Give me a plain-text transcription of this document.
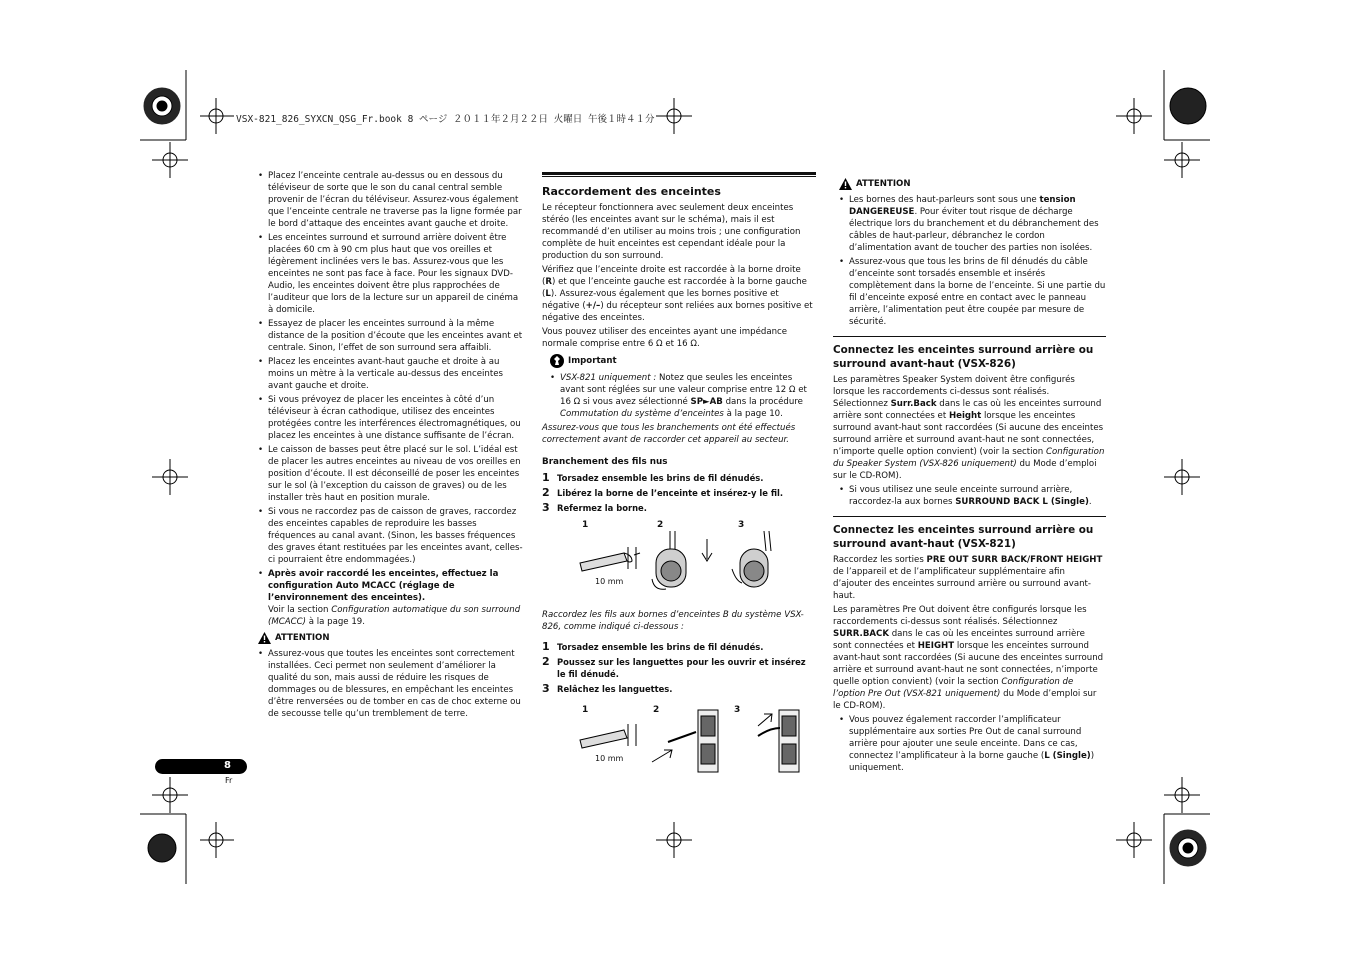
VSX-821_826_SYXCN_QSG_Fr.book 8 ページ ２０１１年２月２２日 火曜日 午後１時４１分
• Placez l’enceinte centrale au-dessus ou en dessous du téléviseur de sorte que le son du canal central semble provenir de l’écran du téléviseur. Assurez-vous également que l’enceinte centrale ne traverse pas la ligne formée par le bord d’attaque des enceintes avant gauche et droite.
• Les enceintes surround et surround arrière doivent être placées 60 cm à 90 cm plus haut que vos oreilles et légèrement inclinées vers le bas. Assurez-vous que les enceintes ne sont pas face à face. Pour les signaux DVD-Audio, les enceintes doivent être plus rapprochées de l’auditeur que lors de la lecture sur un appareil de cinéma à domicile.
• Essayez de placer les enceintes surround à la même distance de la position d’écoute que les enceintes avant et centrale. Sinon, l’effet de son surround sera affaibli.
• Placez les enceintes avant-haut gauche et droite à au moins un mètre à la verticale au-dessus des enceintes avant gauche et droite.
• Si vous prévoyez de placer les enceintes à côté d’un téléviseur à écran cathodique, utilisez des enceintes protégées contre les interférences électromagnétiques, ou placez les enceintes à une distance suffisante de l’écran.
• Le caisson de basses peut être placé sur le sol. L’idéal est de placer les autres enceintes au niveau de vos oreilles en position d’écoute. Il est déconseillé de poser les enceintes sur le sol (à l’exception du caisson de graves) ou de les installer très haut en position murale.
• Si vous ne raccordez pas de caisson de graves, raccordez des enceintes capables de reproduire les basses fréquences au canal avant. (Sinon, les basses fréquences des graves étant restituées par les enceintes avant, celles-ci pourraient être endommagées.)
• Après avoir raccordé les enceintes, effectuez la configuration Auto MCACC (réglage de l’environnement des enceintes).
Voir la section Configuration automatique du son surround (MCACC) à la page 19.
ATTENTION
• Assurez-vous que toutes les enceintes sont correctement installées. Ceci permet non seulement d’améliorer la qualité du son, mais aussi de réduire les risques de dommages ou de blessures, en empêchant les enceintes d’être renversées ou de tomber en cas de choc externe ou de secousse telle qu’un tremblement de terre.
Raccordement des enceintes

Le récepteur fonctionnera avec seulement deux enceintes stéréo (les enceintes avant sur le schéma), mais il est recommandé d’en utiliser au moins trois ; une configuration complète de huit enceintes est cependant idéale pour la production du son surround.

Vérifiez que l’enceinte droite est raccordée à la borne droite (R) et que l’enceinte gauche est raccordée à la borne gauche (L). Assurez-vous également que les bornes positive et négative (+/–) du récepteur sont reliées aux bornes positive et négative des enceintes.

Vous pouvez utiliser des enceintes ayant une impédance normale comprise entre 6 Ω et 16 Ω.

Important
• VSX-821 uniquement : Notez que seules les enceintes avant sont réglées sur une valeur comprise entre 12 Ω et 16 Ω si vous avez sélectionné SP►AB dans la procédure Commutation du système d’enceintes à la page 10.

Assurez-vous que tous les branchements ont été effectués correctement avant de raccorder cet appareil au secteur.

Branchement des fils nus
1 Torsadez ensemble les brins de fil dénudés.
2 Libérez la borne de l’enceinte et insérez-y le fil.
3 Refermez la borne.
1	2	3
10 mm

Raccordez les fils aux bornes d’enceintes B du système VSX-826, comme indiqué ci-dessous :

1 Torsadez ensemble les brins de fil dénudés.
2 Poussez sur les languettes pour les ouvrir et insérez le fil dénudé.
3 Relâchez les languettes.
1	2	3
10 mm
ATTENTION
• Les bornes des haut-parleurs sont sous une tension DANGEREUSE. Pour éviter tout risque de décharge électrique lors du branchement et du débranchement des câbles de haut-parleur, débranchez le cordon d’alimentation avant de toucher des parties non isolées.
• Assurez-vous que tous les brins de fil dénudés du câble d’enceinte sont torsadés ensemble et insérés complètement dans la borne de l’enceinte. Si une partie du fil d’enceinte exposé entre en contact avec le panneau arrière, l’alimentation peut être coupée par mesure de sécurité.
Connectez les enceintes surround arrière ou surround avant-haut (VSX-826)

Les paramètres Speaker System doivent être configurés lorsque les raccordements ci-dessus sont réalisés. Sélectionnez Surr.Back dans le cas où les enceintes surround arrière sont connectées et Height lorsque les enceintes surround avant-haut sont raccordées (Si aucune des enceintes surround arrière et surround avant-haut ne sont connectées, n’importe quelle option convient) (voir la section Configuration du Speaker System (VSX-826 uniquement) du Mode d’emploi sur le CD-ROM).

• Si vous utilisez une seule enceinte surround arrière, raccordez-la aux bornes SURROUND BACK L (Single).
Connectez les enceintes surround arrière ou surround avant-haut (VSX-821)

Raccordez les sorties PRE OUT SURR BACK/FRONT HEIGHT de l’appareil et de l’amplificateur supplémentaire afin d’ajouter des enceintes surround arrière ou surround avant-haut.

Les paramètres Pre Out doivent être configurés lorsque les raccordements ci-dessus sont réalisés. Sélectionnez SURR.BACK dans le cas où les enceintes surround arrière sont connectées et HEIGHT lorsque les enceintes surround avant-haut sont raccordées (Si aucune des enceintes surround arrière et surround avant-haut ne sont connectées, n’importe quelle option convient) (voir la section Configuration de l’option Pre Out (VSX-821 uniquement) du Mode d’emploi sur le CD-ROM).

• Vous pouvez également raccorder l’amplificateur supplémentaire aux sorties Pre Out de canal surround arrière pour ajouter une seule enceinte. Dans ce cas, connectez l’amplificateur à la borne gauche (L (Single)) uniquement.
8
Fr
